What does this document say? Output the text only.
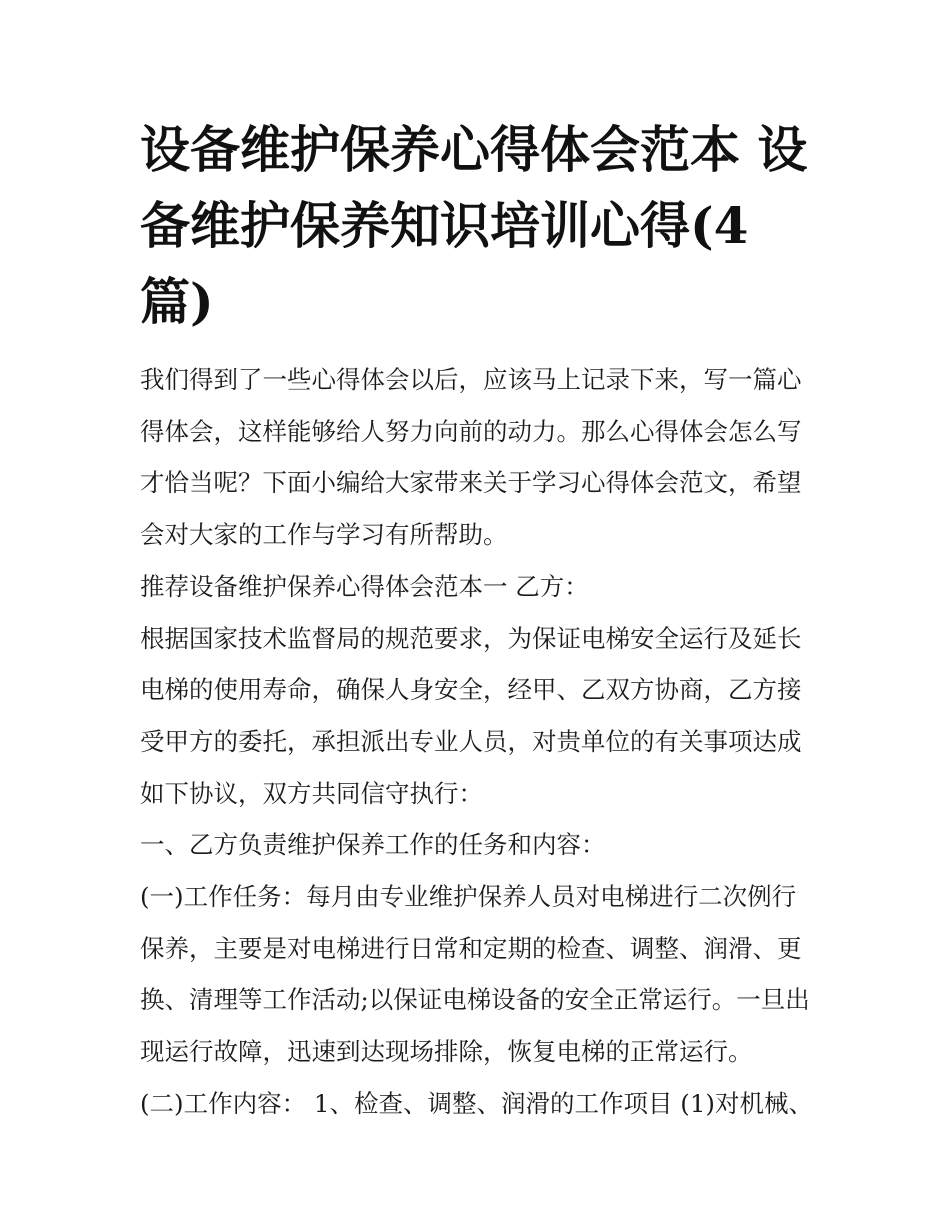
设备维护保养心得体会范本 设备维护保养知识培训心得(4篇)

我们得到了一些心得体会以后，应该马上记录下来，写一篇心得体会，这样能够给人努力向前的动力。那么心得体会怎么写才恰当呢？下面小编给大家带来关于学习心得体会范文，希望会对大家的工作与学习有所帮助。

推荐设备维护保养心得体会范本一 乙方：

根据国家技术监督局的规范要求，为保证电梯安全运行及延长电梯的使用寿命，确保人身安全，经甲、乙双方协商，乙方接受甲方的委托，承担派出专业人员，对贵单位的有关事项达成如下协议，双方共同信守执行：

一、乙方负责维护保养工作的任务和内容：

(一)工作任务：每月由专业维护保养人员对电梯进行二次例行保养，主要是对电梯进行日常和定期的检查、调整、润滑、更换、清理等工作活动;以保证电梯设备的安全正常运行。一旦出现运行故障，迅速到达现场排除，恢复电梯的正常运行。

(二)工作内容： 1、检查、调整、润滑的工作项目 (1)对机械、
